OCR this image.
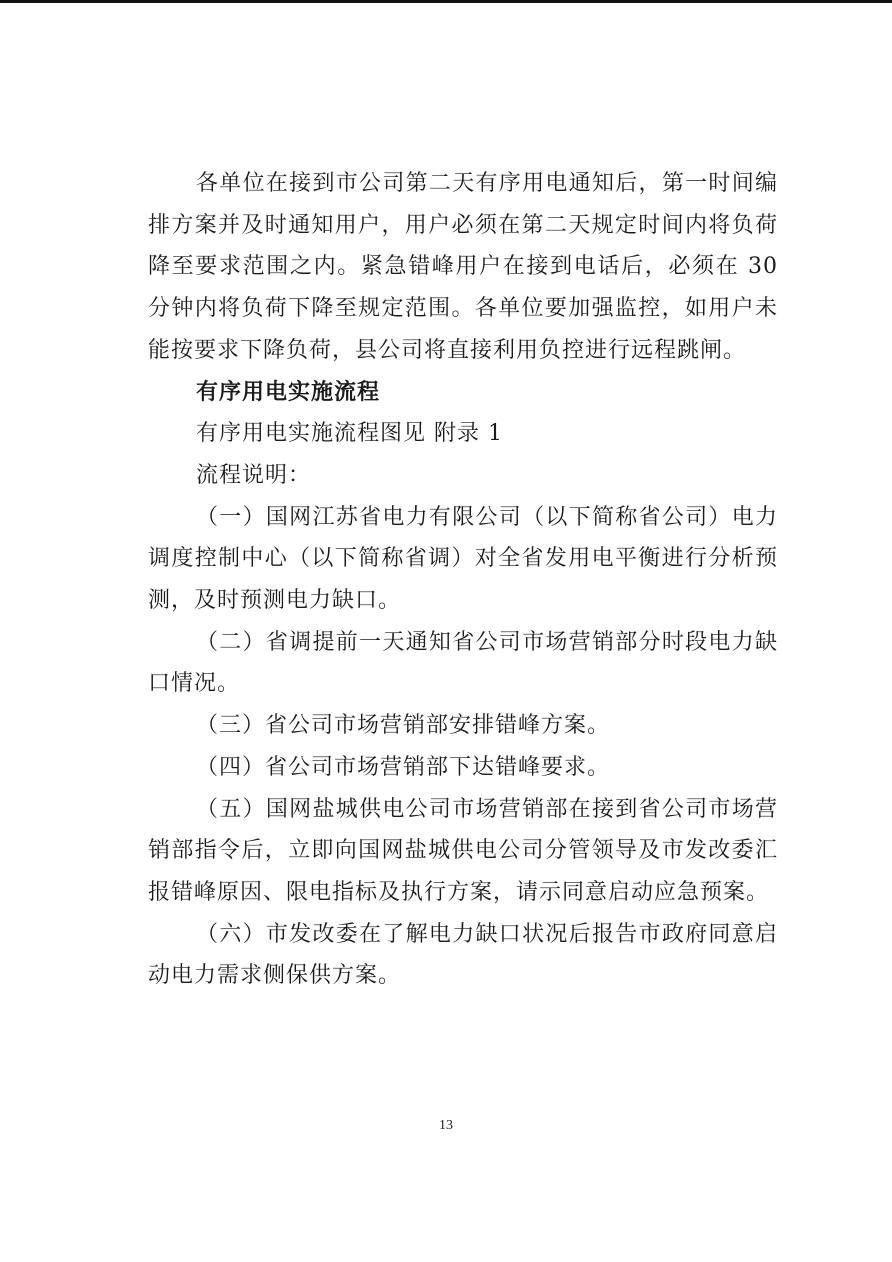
各单位在接到市公司第二天有序用电通知后，第一时间编排方案并及时通知用户，用户必须在第二天规定时间内将负荷降至要求范围之内。紧急错峰用户在接到电话后，必须在 30 分钟内将负荷下降至规定范围。各单位要加强监控，如用户未能按要求下降负荷，县公司将直接利用负控进行远程跳闸。

有序用电实施流程

有序用电实施流程图见 附录 1

流程说明：

（一）国网江苏省电力有限公司（以下简称省公司）电力调度控制中心（以下简称省调）对全省发用电平衡进行分析预测，及时预测电力缺口。

（二）省调提前一天通知省公司市场营销部分时段电力缺口情况。

（三）省公司市场营销部安排错峰方案。

（四）省公司市场营销部下达错峰要求。

（五）国网盐城供电公司市场营销部在接到省公司市场营销部指令后，立即向国网盐城供电公司分管领导及市发改委汇报错峰原因、限电指标及执行方案，请示同意启动应急预案。

（六）市发改委在了解电力缺口状况后报告市政府同意启动电力需求侧保供方案。

13
